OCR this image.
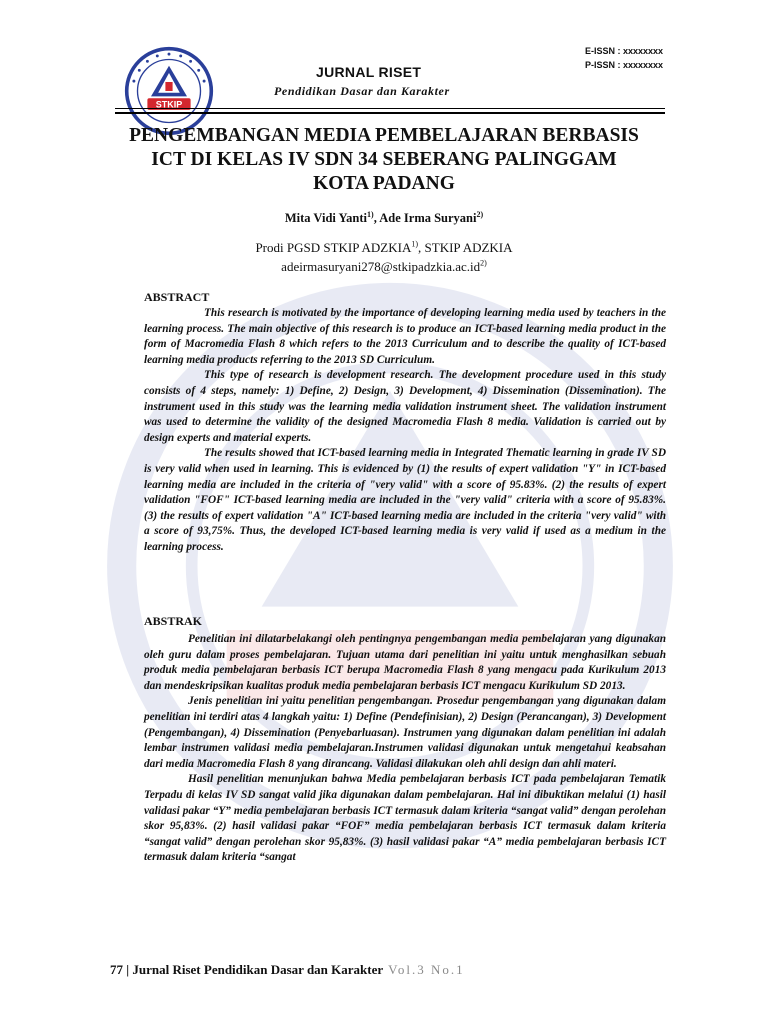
E-ISSN : xxxxxxxx
P-ISSN : xxxxxxxx
STKIP
JURNAL RISET
Pendidikan Dasar dan Karakter
PENGEMBANGAN MEDIA PEMBELAJARAN BERBASIS
ICT DI KELAS IV SDN 34 SEBERANG PALINGGAM
KOTA PADANG
Mita Vidi Yanti$^{1)}$, Ade Irma Suryani$^{2)}$
Prodi PGSD STKIP ADZKIA$^{1)}$, STKIP ADZKIA
$adeirmasuryani278@stkipadzkia.ac.id^{2)}$
ABSTRACT

This research is motivated by the importance of developing learning media used by teachers in the learning process. The main objective of this research is to produce an ICT-based learning media product in the form of Macromedia Flash 8 which refers to the 2013 Curriculum and to describe the quality of ICT-based learning media products referring to the 2013 SD Curriculum.

This type of research is development research. The development procedure used in this study consists of 4 steps, namely: 1) Define, 2) Design, 3) Development, 4) Dissemination (Dissemination). The instrument used in this study was the learning media validation instrument sheet. The validation instrument was used to determine the validity of the designed Macromedia Flash 8 media. Validation is carried out by design experts and material experts.

The results showed that ICT-based learning media in Integrated Thematic learning in grade IV SD is very valid when used in learning. This is evidenced by (1) the results of expert validation "Y" in ICT-based learning media are included in the criteria of "very valid" with a score of 95.83%. (2) the results of expert validation "FOF" ICT-based learning media are included in the "very valid" criteria with a score of 95.83%. (3) the results of expert validation "A" ICT-based learning media are included in the criteria "very valid" with a score of 93,75%. Thus, the developed ICT-based learning media is very valid if used as a medium in the learning process.

ABSTRAK

Penelitian ini dilatarbelakangi oleh pentingnya pengembangan media pembelajaran yang digunakan oleh guru dalam proses pembelajaran. Tujuan utama dari penelitian ini yaitu untuk menghasilkan sebuah produk media pembelajaran berbasis ICT berupa Macromedia Flash 8 yang mengacu pada Kurikulum 2013 dan mendeskripsikan kualitas produk media pembelajaran berbasis ICT mengacu Kurikulum SD 2013.

Jenis penelitian ini yaitu penelitian pengembangan. Prosedur pengembangan yang digunakan dalam penelitian ini terdiri atas 4 langkah yaitu: 1) Define (Pendefinisian), 2) Design (Perancangan), 3) Development (Pengembangan), 4) Dissemination (Penyebarluasan). Instrumen yang digunakan dalam penelitian ini adalah lembar instrumen validasi media pembelajaran.Instrumen validasi digunakan untuk mengetahui keabsahan dari media Macromedia Flash 8 yang dirancang. Validasi dilakukan oleh ahli design dan ahli materi.

Hasil penelitian menunjukan bahwa Media pembelajaran berbasis ICT pada pembelajaran Tematik Terpadu di kelas IV SD sangat valid jika digunakan dalam pembelajaran. Hal ini dibuktikan melalui (1) hasil validasi pakar “Y” media pembelajaran berbasis ICT termasuk dalam kriteria “sangat valid” dengan perolehan skor 95,83%. (2) hasil validasi pakar “FOF” media pembelajaran berbasis ICT termasuk dalam kriteria “sangat valid” dengan perolehan skor 95,83%. (3) hasil validasi pakar “A” media pembelajaran berbasis ICT termasuk dalam kriteria “sangat

77 | Jurnal Riset Pendidikan Dasar dan Karakter Vol.3 No.1
